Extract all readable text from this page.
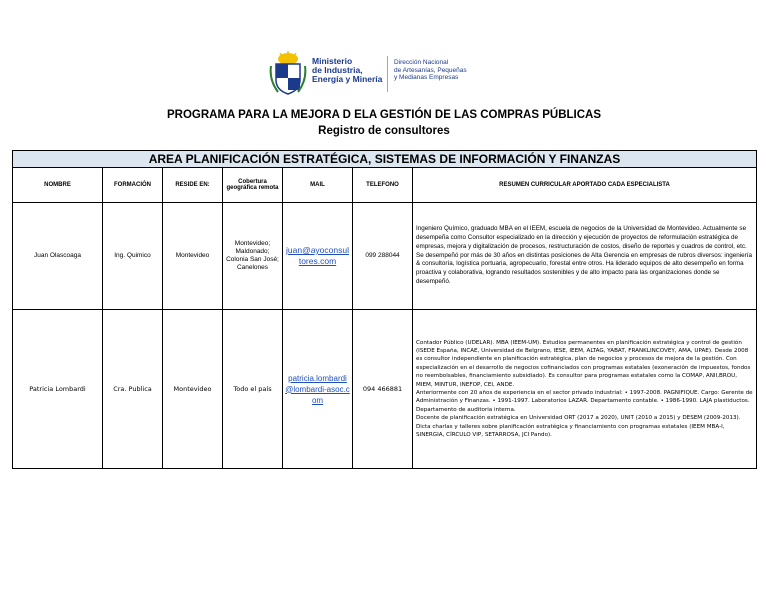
Ministerio
de Industria,
Energía y Minería
Dirección Nacional
de Artesanías, Pequeñas
y Medianas Empresas
PROGRAMA PARA LA MEJORA D ELA GESTIÓN DE LAS COMPRAS PÚBLICAS
Registro de consultores
AREA PLANIFICACIÓN ESTRATÉGICA, SISTEMAS DE INFORMACIÓN Y FINANZAS						
NOMBRE	FORMACIÓN	RESIDE EN:	Cobertura geográfica remota	MAIL	TELEFONO	RESUMEN CURRICULAR APORTADO CADA ESPECIALISTA
Juan Olascoaga	Ing. Quimico	Montevideo	Montevideo; Maldonado; Colonia San José; Canelones	juan@ayoconsultores.com	099 288044	Ingeniero Químico, graduado MBA en el IEEM, escuela de negocios de la Universidad de Montevideo. Actualmente se desempeña como Consultor especializado en la dirección y ejecución de proyectos de reformulación estratégica de empresas, mejora y digitalización de procesos, restructuración de costos, diseño de reportes y cuadros de control, etc. Se desempeñó por más de 30 años en distintas posiciones de Alta Gerencia en empresas de rubros diversos: ingeniería & consultoría, logística portuaria, agropecuario, forestal entre otros. Ha liderado equipos de alto desempeño en forma proactiva y colaborativa, logrando resultados sostenibles y de alto impacto para las organizaciones donde se desempeñó.
Patricia Lombardi	Cra. Publica	Montevideo	Todo el país	patricia.lombardi@lombardi-asoc.com	094 466881	Contador Público (UDELAR). MBA (IEEM-UM). Estudios permanentes en planificación estratégica y control de gestión (ISEDE España, INCAE, Universidad de Belgrano, IESE, IEEM, ALTAG, YABAT, FRANKLINCOVEY, AMA, UPAE). Desde 2008 es consultor independiente en planificación estratégica, plan de negocios y procesos de mejora de la gestión. Con especialización en el desarrollo de negocios cofinanciados con programas estatales (exoneración de impuestos, fondos no reembolsables, financiamiento subsidiado). Es consultor para programas estatales como la COMAP, ANII,BROU, MIEM, MINTUR, INEFOP, CEI, ANDE.
Anteriormente con 20 años de experiencia en el sector privado industrial: • 1997-2008. PAGNIFIQUE. Cargo: Gerente de Administración y Finanzas. • 1991-1997. Laboratorios LAZAR. Departamento contable. • 1986-1990. LAJA plastiductos. Departamento de auditoria interna.
Docente de planificación estratégica en Universidad ORT (2017 a 2020), UNIT (2010 a 2015) y DESEM (2009-2013). Dicta charlas y talleres sobre planificación estratégica y financiamiento con programas estatales (IEEM MBA-I, SINERGIA, CÍRCULO VIP, SETARROSA, JCI Pando).
